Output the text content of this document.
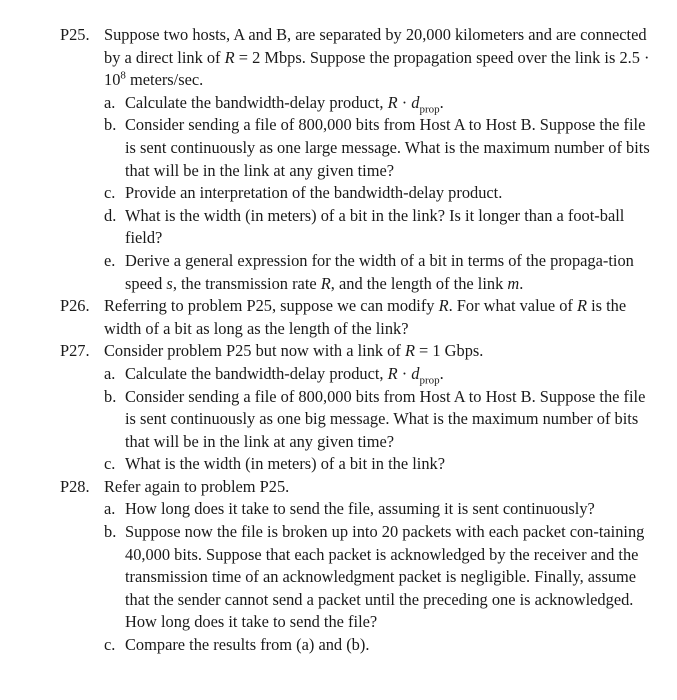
P25. Suppose two hosts, A and B, are separated by 20,000 kilometers and are connected by a direct link of R = 2 Mbps. Suppose the propagation speed over the link is $2.5 \cdot 10^8$ meters/sec.
a. Calculate the bandwidth-delay product, $R \cdot d_{prop}$.
b. Consider sending a file of 800,000 bits from Host A to Host B. Suppose the file is sent continuously as one large message. What is the maximum number of bits that will be in the link at any given time?
c. Provide an interpretation of the bandwidth-delay product.
d. What is the width (in meters) of a bit in the link? Is it longer than a foot-ball field?
e. Derive a general expression for the width of a bit in terms of the propaga-tion speed s, the transmission rate R, and the length of the link m.
P26. Referring to problem P25, suppose we can modify R. For what value of R is the width of a bit as long as the length of the link?
P27. Consider problem P25 but now with a link of R = 1 Gbps.
a. Calculate the bandwidth-delay product, $R \cdot d_{prop}$.
b. Consider sending a file of 800,000 bits from Host A to Host B. Suppose the file is sent continuously as one big message. What is the maximum number of bits that will be in the link at any given time?
c. What is the width (in meters) of a bit in the link?
P28. Refer again to problem P25.
a. How long does it take to send the file, assuming it is sent continuously?
b. Suppose now the file is broken up into 20 packets with each packet con-taining 40,000 bits. Suppose that each packet is acknowledged by the receiver and the transmission time of an acknowledgment packet is negligible. Finally, assume that the sender cannot send a packet until the preceding one is acknowledged. How long does it take to send the file?
c. Compare the results from (a) and (b).
